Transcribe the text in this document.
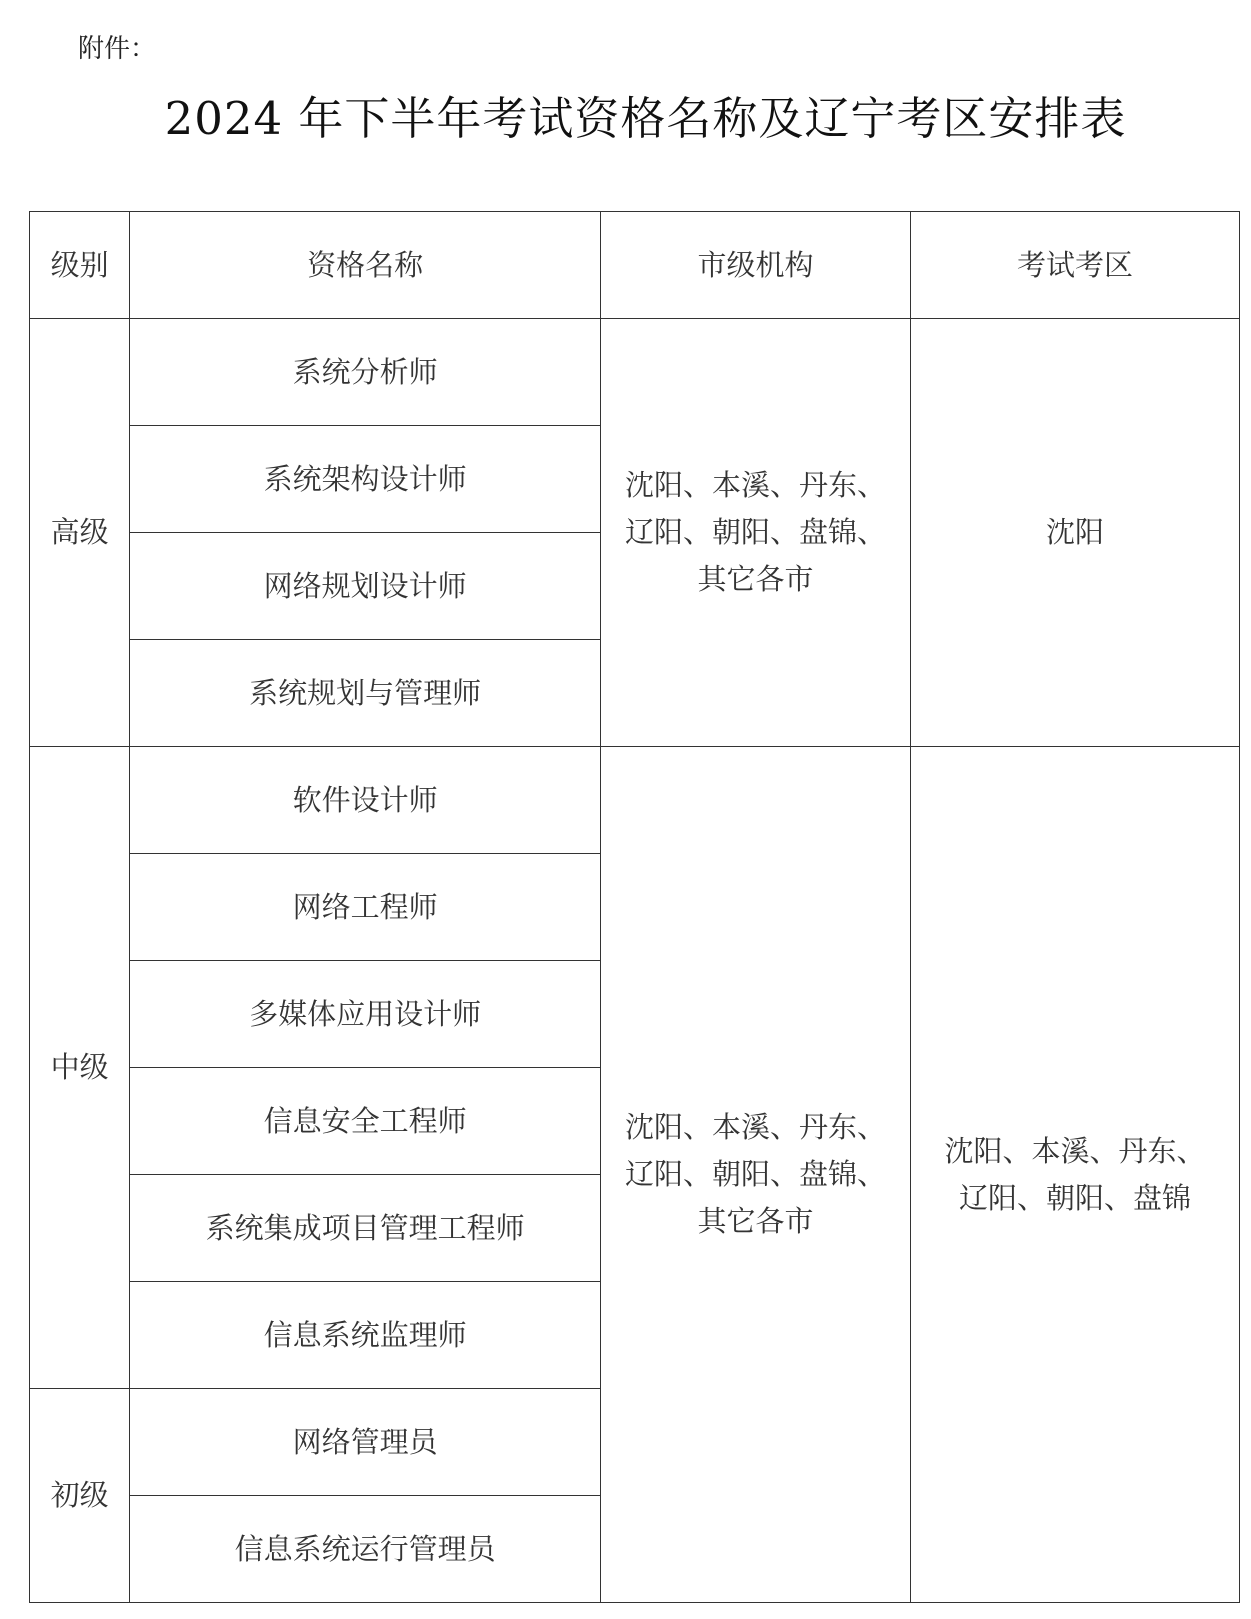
附件：
2024 年下半年考试资格名称及辽宁考区安排表
级别	资格名称	市级机构	考试考区
高级	系统分析师	沈阳、本溪、丹东、
辽阳、朝阳、盘锦、
其它各市	沈阳
	系统架构设计师		
	网络规划设计师		
	系统规划与管理师		
中级	软件设计师	沈阳、本溪、丹东、
辽阳、朝阳、盘锦、
其它各市	沈阳、本溪、丹东、
辽阳、朝阳、盘锦
	网络工程师		
	多媒体应用设计师		
	信息安全工程师		
	系统集成项目管理工程师		
	信息系统监理师		
初级	网络管理员		
	信息系统运行管理员		
